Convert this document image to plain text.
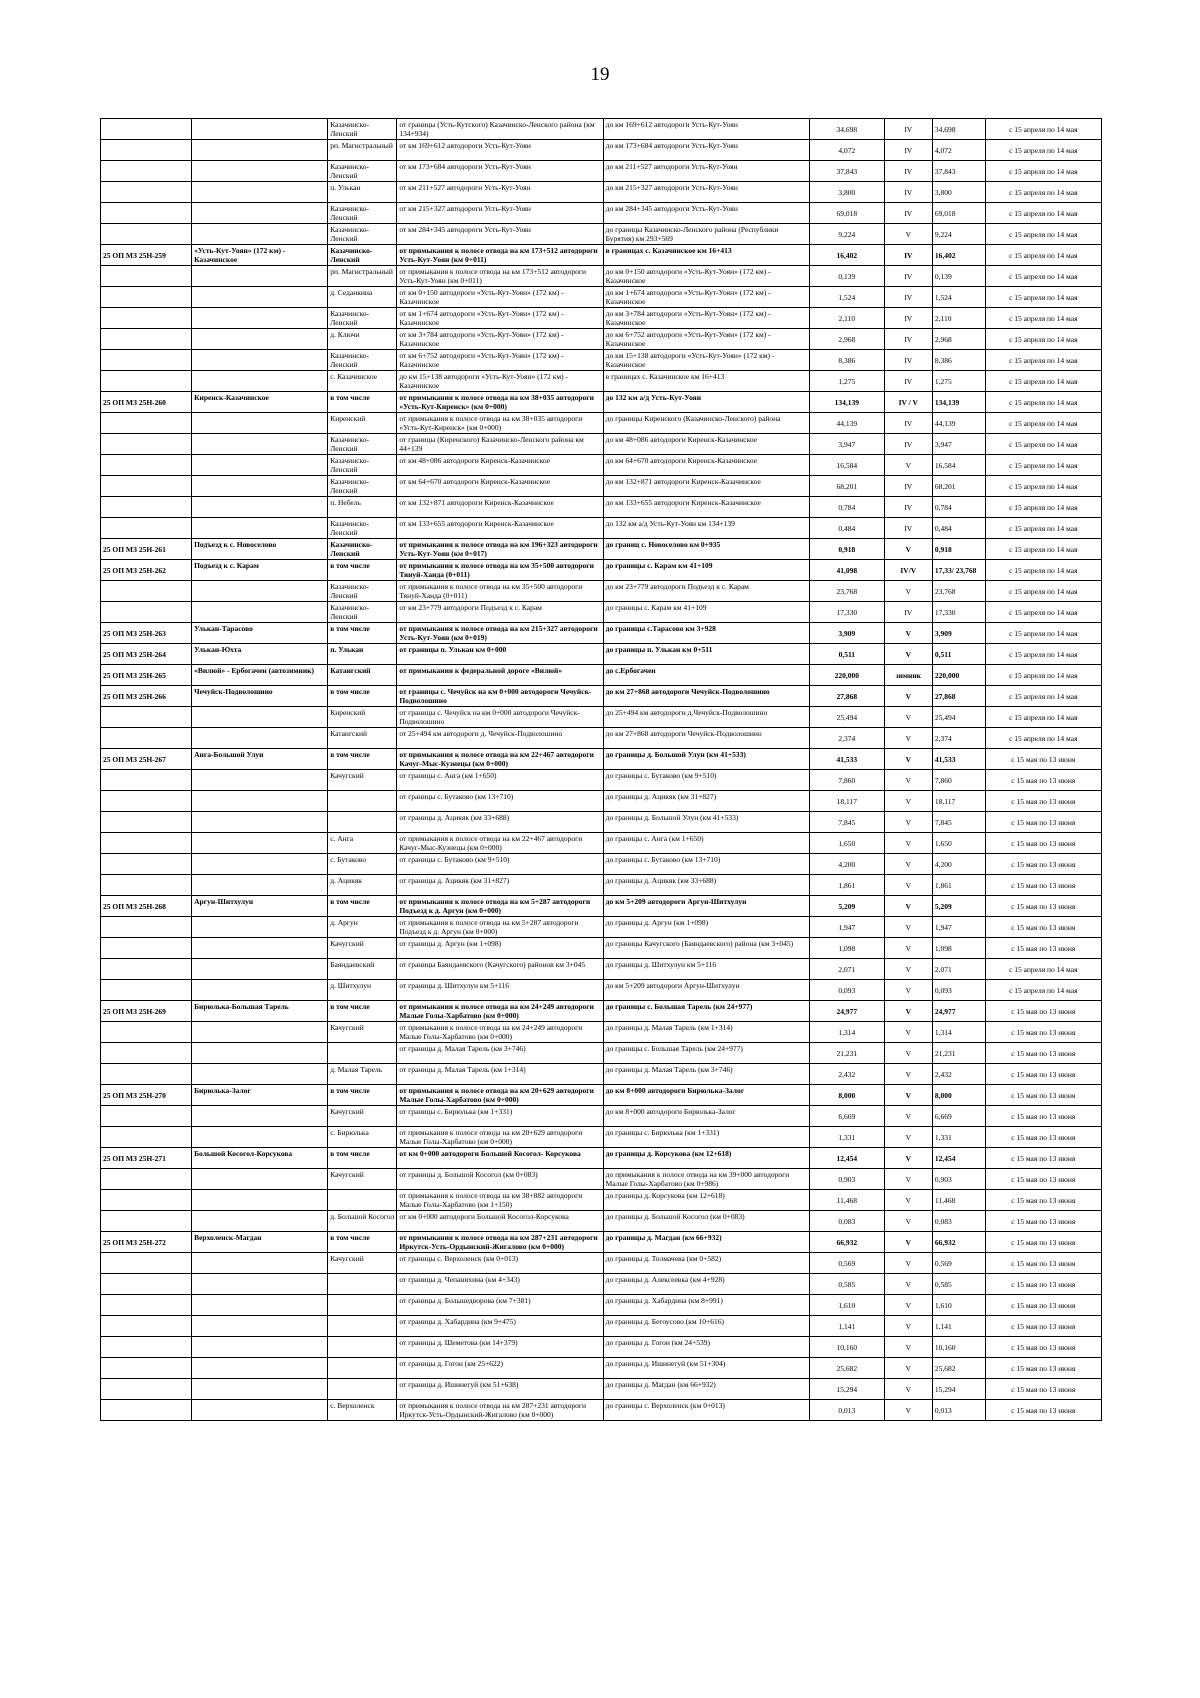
19
		Казачинско-Ленский	от границы (Усть-Кутского) Казачинско-Ленского района (км 134+934)	до км 169+612 автодороги Усть-Кут-Уоян	34,698	IV	34,698	с 15 апреля по 14 мая
		рп. Магистральный	от км 169+612 автодороги Усть-Кут-Уоян	до км 173+684 автодороги Усть-Кут-Уоян	4,072	IV	4,072	с 15 апреля по 14 мая
		Казачинско-Ленский	от км 173+684 автодороги Усть-Кут-Уоян	до км 211+527 автодороги Усть-Кут-Уоян	37,843	IV	37,843	с 15 апреля по 14 мая
		п. Улькан	от км 211+527 автодороги Усть-Кут-Уоян	до км 215+327 автодороги Усть-Кут-Уоян	3,800	IV	3,800	с 15 апреля по 14 мая
		Казачинско-Ленский	от км 215+327 автодороги Усть-Кут-Уоян	до км 284+345 автодороги Усть-Кут-Уоян	69,018	IV	69,018	с 15 апреля по 14 мая
		Казачинско-Ленский	от км 284+345 автодороги Усть-Кут-Уоян	до границы Казачинско-Ленского района (Республики Бурятия) км 293+569	9,224	V	9,224	с 15 апреля по 14 мая
25 ОП МЗ 25Н-259	«Усть-Кут-Уоян» (172 км) - Казачинское	Казачинско-Ленский	от примыкания к полосе отвода на км 173+512 автодороги Усть-Кут-Уоян (км 0+011)	в границах с. Казачинское км 16+413	16,402	IV	16,402	с 15 апреля по 14 мая
		рп. Магистральный	от примыкания к полосе отвода на км 173+512 автодороги Усть-Кут-Уоян (км 0+011)	до км 0+150 автодороги «Усть-Кут-Уоян» (172 км) - Казачинское	0,139	IV	0,139	с 15 апреля по 14 мая
		д. Седанкина	от км 0+150 автодороги «Усть-Кут-Уоян» (172 км) - Казачинское	до км 1+674 автодороги «Усть-Кут-Уоян» (172 км) - Казачинское	1,524	IV	1,524	с 15 апреля по 14 мая
		Казачинско-Ленский	от км 1+674 автодороги «Усть-Кут-Уоян» (172 км) - Казачинское	до км 3+784 автодороги «Усть-Кут-Уоян» (172 км) - Казачинское	2,110	IV	2,110	с 15 апреля по 14 мая
		д. Ключи	от км 3+784 автодороги «Усть-Кут-Уоян» (172 км) - Казачинское	до км 6+752 автодороги «Усть-Кут-Уоян» (172 км) - Казачинское	2,968	IV	2,968	с 15 апреля по 14 мая
		Казачинско-Ленский	от км 6+752 автодороги «Усть-Кут-Уоян» (172 км) - Казачинское	до км 15+138 автодороги «Усть-Кут-Уоян» (172 км) - Казачинское	8,386	IV	8,386	с 15 апреля по 14 мая
		с. Казачинское	до км 15+138 автодороги «Усть-Кут-Уоян» (172 км) - Казачинское	в границах с. Казачинское км 16+413	1,275	IV	1,275	с 15 апреля по 14 мая
25 ОП МЗ 25Н-260	Киренск-Казачинское	в том числе	от примыкания к полосе отвода на км 38+035 автодороги «Усть-Кут-Киренск» (км 0+000)	до 132 км а/д Усть-Кут-Уоян	134,139	IV / V	134,139	с 15 апреля по 14 мая
		Киренский	от примыкания к полосе отвода на км 38+035 автодороги «Усть-Кут-Киренск» (км 0+000)	до границы Киренского (Казачинско-Ленского) района	44,139	IV	44,139	с 15 апреля по 14 мая
		Казачинско-Ленский	от границы (Киренского) Казачинско-Ленского района км 44+139	до км 48+086 автодороги Киренск-Казачинское	3,947	IV	3,947	с 15 апреля по 14 мая
		Казачинско-Ленский	от км 48+086 автодороги Киренск-Казачинское	до км 64+670 автодороги Киренск-Казачинское	16,584	V	16,584	с 15 апреля по 14 мая
		Казачинско-Ленский	от км 64+670 автодороги Киренск-Казачинское	до км 132+871 автодороги Киренск-Казачинское	68,201	IV	68,201	с 15 апреля по 14 мая
		п. Небель	от км 132+871 автодороги Киренск-Казачинское	до км 133+655 автодороги Киренск-Казачинское	0,784	IV	0,784	с 15 апреля по 14 мая
		Казачинско-Ленский	от км 133+655 автодороги Киренск-Казачинское	до 132 км а/д Усть-Кут-Уоян км 134+139	0,484	IV	0,484	с 15 апреля по 14 мая
25 ОП МЗ 25Н-261	Подъезд к с. Новоселово	Казачинско-Ленский	от примыкания к полосе отвода на км 196+323 автодороги Усть-Кут-Уоян (км 0+017)	до границ с. Новоселово км 0+935	0,918	V	0,918	с 15 апреля по 14 мая
25 ОП МЗ 25Н-262	Подъезд к с. Карам	в том числе	от примыкания к полосе отвода на км 35+500 автодороги Тянуй-Ханда (0+011)	до границы с. Карам км 41+109	41,098	IV/V	17,33/ 23,768	с 15 апреля по 14 мая
		Казачинско-Ленский	от примыкания к полосе отвода на км 35+500 автодороги Тянуй-Ханда (0+011)	до км 23+779 автодороги Подъезд к с. Карам	23,768	V	23,768	с 15 апреля по 14 мая
		Казачинско-Ленский	от км 23+779 автодороги Подъезд к с. Карам	до границы с. Карам км 41+109	17,330	IV	17,330	с 15 апреля по 14 мая
25 ОП МЗ 25Н-263	Улькан-Тарасово	в том числе	от примыкания к полосе отвода на км 215+327 автодороги Усть-Кут-Уоян (км 0+019)	до границы с.Тарасово км 3+928	3,909	V	3,909	с 15 апреля по 14 мая
25 ОП МЗ 25Н-264	Улькан-Юхта	п. Улькан	от границы п. Улькан км 0+000	до границы п. Улькан км 0+511	0,511	V	0,511	с 15 апреля по 14 мая
25 ОП МЗ 25Н-265	«Вилюй» - Ербогачен (автозимник)	Катангский	от примыкания к федеральной дороге «Вилюй»	до с.Ербогачен	220,000	зимник	220,000	с 15 апреля по 14 мая
25 ОП МЗ 25Н-266	Чечуйск-Подволошино	в том числе	от границы с. Чечуйск на км 0+000 автодороги Чечуйск-Подволошино	до км 27+868 автодороги Чечуйск-Подволошино	27,868	V	27,868	с 15 апреля по 14 мая
		Киренский	от границы с. Чечуйск на км 0+000 автодороги Чечуйск-Подволошино	до 25+494 км автодороги д.Чечуйск-Подволошино	25,494	V	25,494	с 15 апреля по 14 мая
		Катангский	от 25+494 км автодороги д. Чечуйск-Подволошино	до км 27+868 автодороги Чечуйск-Подволошино	2,374	V	2,374	с 15 апреля по 14 мая
25 ОП МЗ 25Н-267	Анга-Большой Улун	в том числе	от примыкания к полосе отвода на км 22+467 автодороги Качуг-Мыс-Кузнецы (км 0+000)	до границы д. Большой Улун (км 41+533)	41,533	V	41,533	с 15 мая по 13 июня
		Качугский	от границы с. Анга (км 1+650)	до границы с. Бутаково (км 9+510)	7,860	V	7,860	с 15 мая по 13 июня
			от границы с. Бутаково (км 13+710)	до границы д. Ацикяк (км 31+827)	18,117	V	18,117	с 15 мая по 13 июня
			от границы д. Ацикяк (км 33+688)	до границы д. Большой Улун (км 41+533)	7,845	V	7,845	с 15 мая по 13 июня
		с. Анга	от примыкания к полосе отвода на км 22+467 автодороги Качуг-Мыс-Кузнецы (км 0+000)	до границы с. Анга (км 1+650)	1,650	V	1,650	с 15 мая по 13 июня
		с. Бутаково	от границы с. Бутаково (км 9+510)	до границы с. Бутаково (км 13+710)	4,200	V	4,200	с 15 мая по 13 июня
		д. Ацикяк	от границы д. Ацикяк (км 31+827)	до границы д. Ацикяк (км 33+688)	1,861	V	1,861	с 15 мая по 13 июня
25 ОП МЗ 25Н-268	Аргун-Шитхулун	в том числе	от примыкания к полосе отвода на км 5+287 автодороги Подъезд к д. Аргун (км 0+000)	до км 5+209 автодороги Аргун-Шитхулун	5,209	V	5,209	с 15 мая по 13 июня
		д. Аргун	от примыкания к полосе отвода на км 5+287 автодороги Подъезд к д. Аргун (км 0+000)	до границы д. Аргун (км 1+098)	1,947	V	1,947	с 15 мая по 13 июня
		Качугский	от границы д. Аргун (км 1+098)	до границы Качугского (Баяндаевского) района (км 3+045)	1,098	V	1,098	с 15 мая по 13 июня
		Баяндаевский	от границы Баяндаевского (Качугского) районов км 3+045	до границы д. Шитхулун км 5+116	2,071	V	2,071	с 15 апреля по 14 мая
		д. Шитхулун	от границы д. Шитхулун км 5+116	до км 5+209 автодороги Аргун-Шитхулун	0,093	V	0,093	с 15 апреля по 14 мая
25 ОП МЗ 25Н-269	Бирюлька-Большая Тарель	в том числе	от примыкания к полосе отвода на км 24+249 автодороги Малые Голы-Харбатово (км 0+000)	до границы с. Большая Тарель (км 24+977)	24,977	V	24,977	с 15 мая по 13 июня
		Качугский	от примыкания к полосе отвода на км 24+249 автодороги Малые Голы-Харбатово (км 0+000)	до границы д. Малая Тарель (км 1+314)	1,314	V	1,314	с 15 мая по 13 июня
			от границы д. Малая Тарель (км 3+746)	до границы с. Большая Тарель (км 24+977)	21,231	V	21,231	с 15 мая по 13 июня
		д. Малая Тарель	от границы д. Малая Тарель (км 1+314)	до границы д. Малая Тарель (км 3+746)	2,432	V	2,432	с 15 мая по 13 июня
25 ОП МЗ 25Н-270	Бирюлька-Залог	в том числе	от примыкания к полосе отвода на км 20+629 автодороги Малые Голы-Харбатово (км 0+000)	до км 8+000 автодороги Бирюлька-Залог	8,000	V	8,000	с 15 мая по 13 июня
		Качугский	от границы с. Бирюлька (км 1+331)	до км 8+000 автодороги Бирюлька-Залог	6,669	V	6,669	с 15 мая по 13 июня
		с. Бирюлька	от примыкания к полосе отвода на км 20+629 автодороги Малые Голы-Харбатово (км 0+000)	до границы с. Бирюлька (км 1+331)	1,331	V	1,331	с 15 мая по 13 июня
25 ОП МЗ 25Н-271	Большой Косогол-Корсукова	в том числе	от км 0+000 автодороги Большой Косогол- Корсукова	до границы д. Корсукова (км 12+618)	12,454	V	12,454	с 15 мая по 13 июня
		Качугский	от границы д. Большой Косогол (км 0+083)	до примыкания к полосе отвода на км 39+000 автодороги Малые Голы-Харбатово (км 0+986)	0,903	V	0,903	с 15 мая по 13 июня
			от примыкания к полосе отвода на км 38+882 автодороги Малые Голы-Харбатово (км 1+150)	до границы д. Корсукова (км 12+618)	11,468	V	11,468	с 15 мая по 13 июня
		д. Большой Косогол	от км 0+000 автодороги Большой Косогол-Корсукова	до границы д. Большой Косогол (км 0+083)	0,083	V	0,083	с 15 мая по 13 июня
25 ОП МЗ 25Н-272	Верхоленск-Магдан	в том числе	от примыкания к полосе отвода на км 287+231 автодороги Иркутск-Усть-Ордынский-Жигалово (км 0+000)	до границы д. Магдан (км 66+932)	66,932	V	66,932	с 15 мая по 13 июня
		Качугский	от границы с. Верхоленск (км 0+013)	до границы д. Толмачева (км 0+582)	0,569	V	0,569	с 15 мая по 13 июня
			от границы д. Чепанихина (км 4+343)	до границы д. Алексеевка (км 4+928)	0,585	V	0,585	с 15 мая по 13 июня
			от границы д. Большедворова (км 7+381)	до границы д. Хабардина (км 8+991)	1,610	V	1,610	с 15 мая по 13 июня
			от границы д. Хабардина (км 9+475)	до границы д. Бегоусово (км 10+616)	1,141	V	1,141	с 15 мая по 13 июня
			от границы д. Шеметова (км 14+379)	до границы д. Гогон (км 24+539)	10,160	V	10,160	с 15 мая по 13 июня
			от границы д. Гогон (км 25+622)	до границы д. Ишинегуй (км 51+304)	25,682	V	25,682	с 15 мая по 13 июня
			от границы д. Ишинегуй (км 51+638)	до границы д. Магдан (км 66+932)	15,294	V	15,294	с 15 мая по 13 июня
		с. Верхоленск	от примыкания к полосе отвода на км 287+231 автодороги Иркутск-Усть-Ордынский-Жигалово (км 0+000)	до границы с. Верхоленск (км 0+013)	0,013	V	0,013	с 15 мая по 13 июня
